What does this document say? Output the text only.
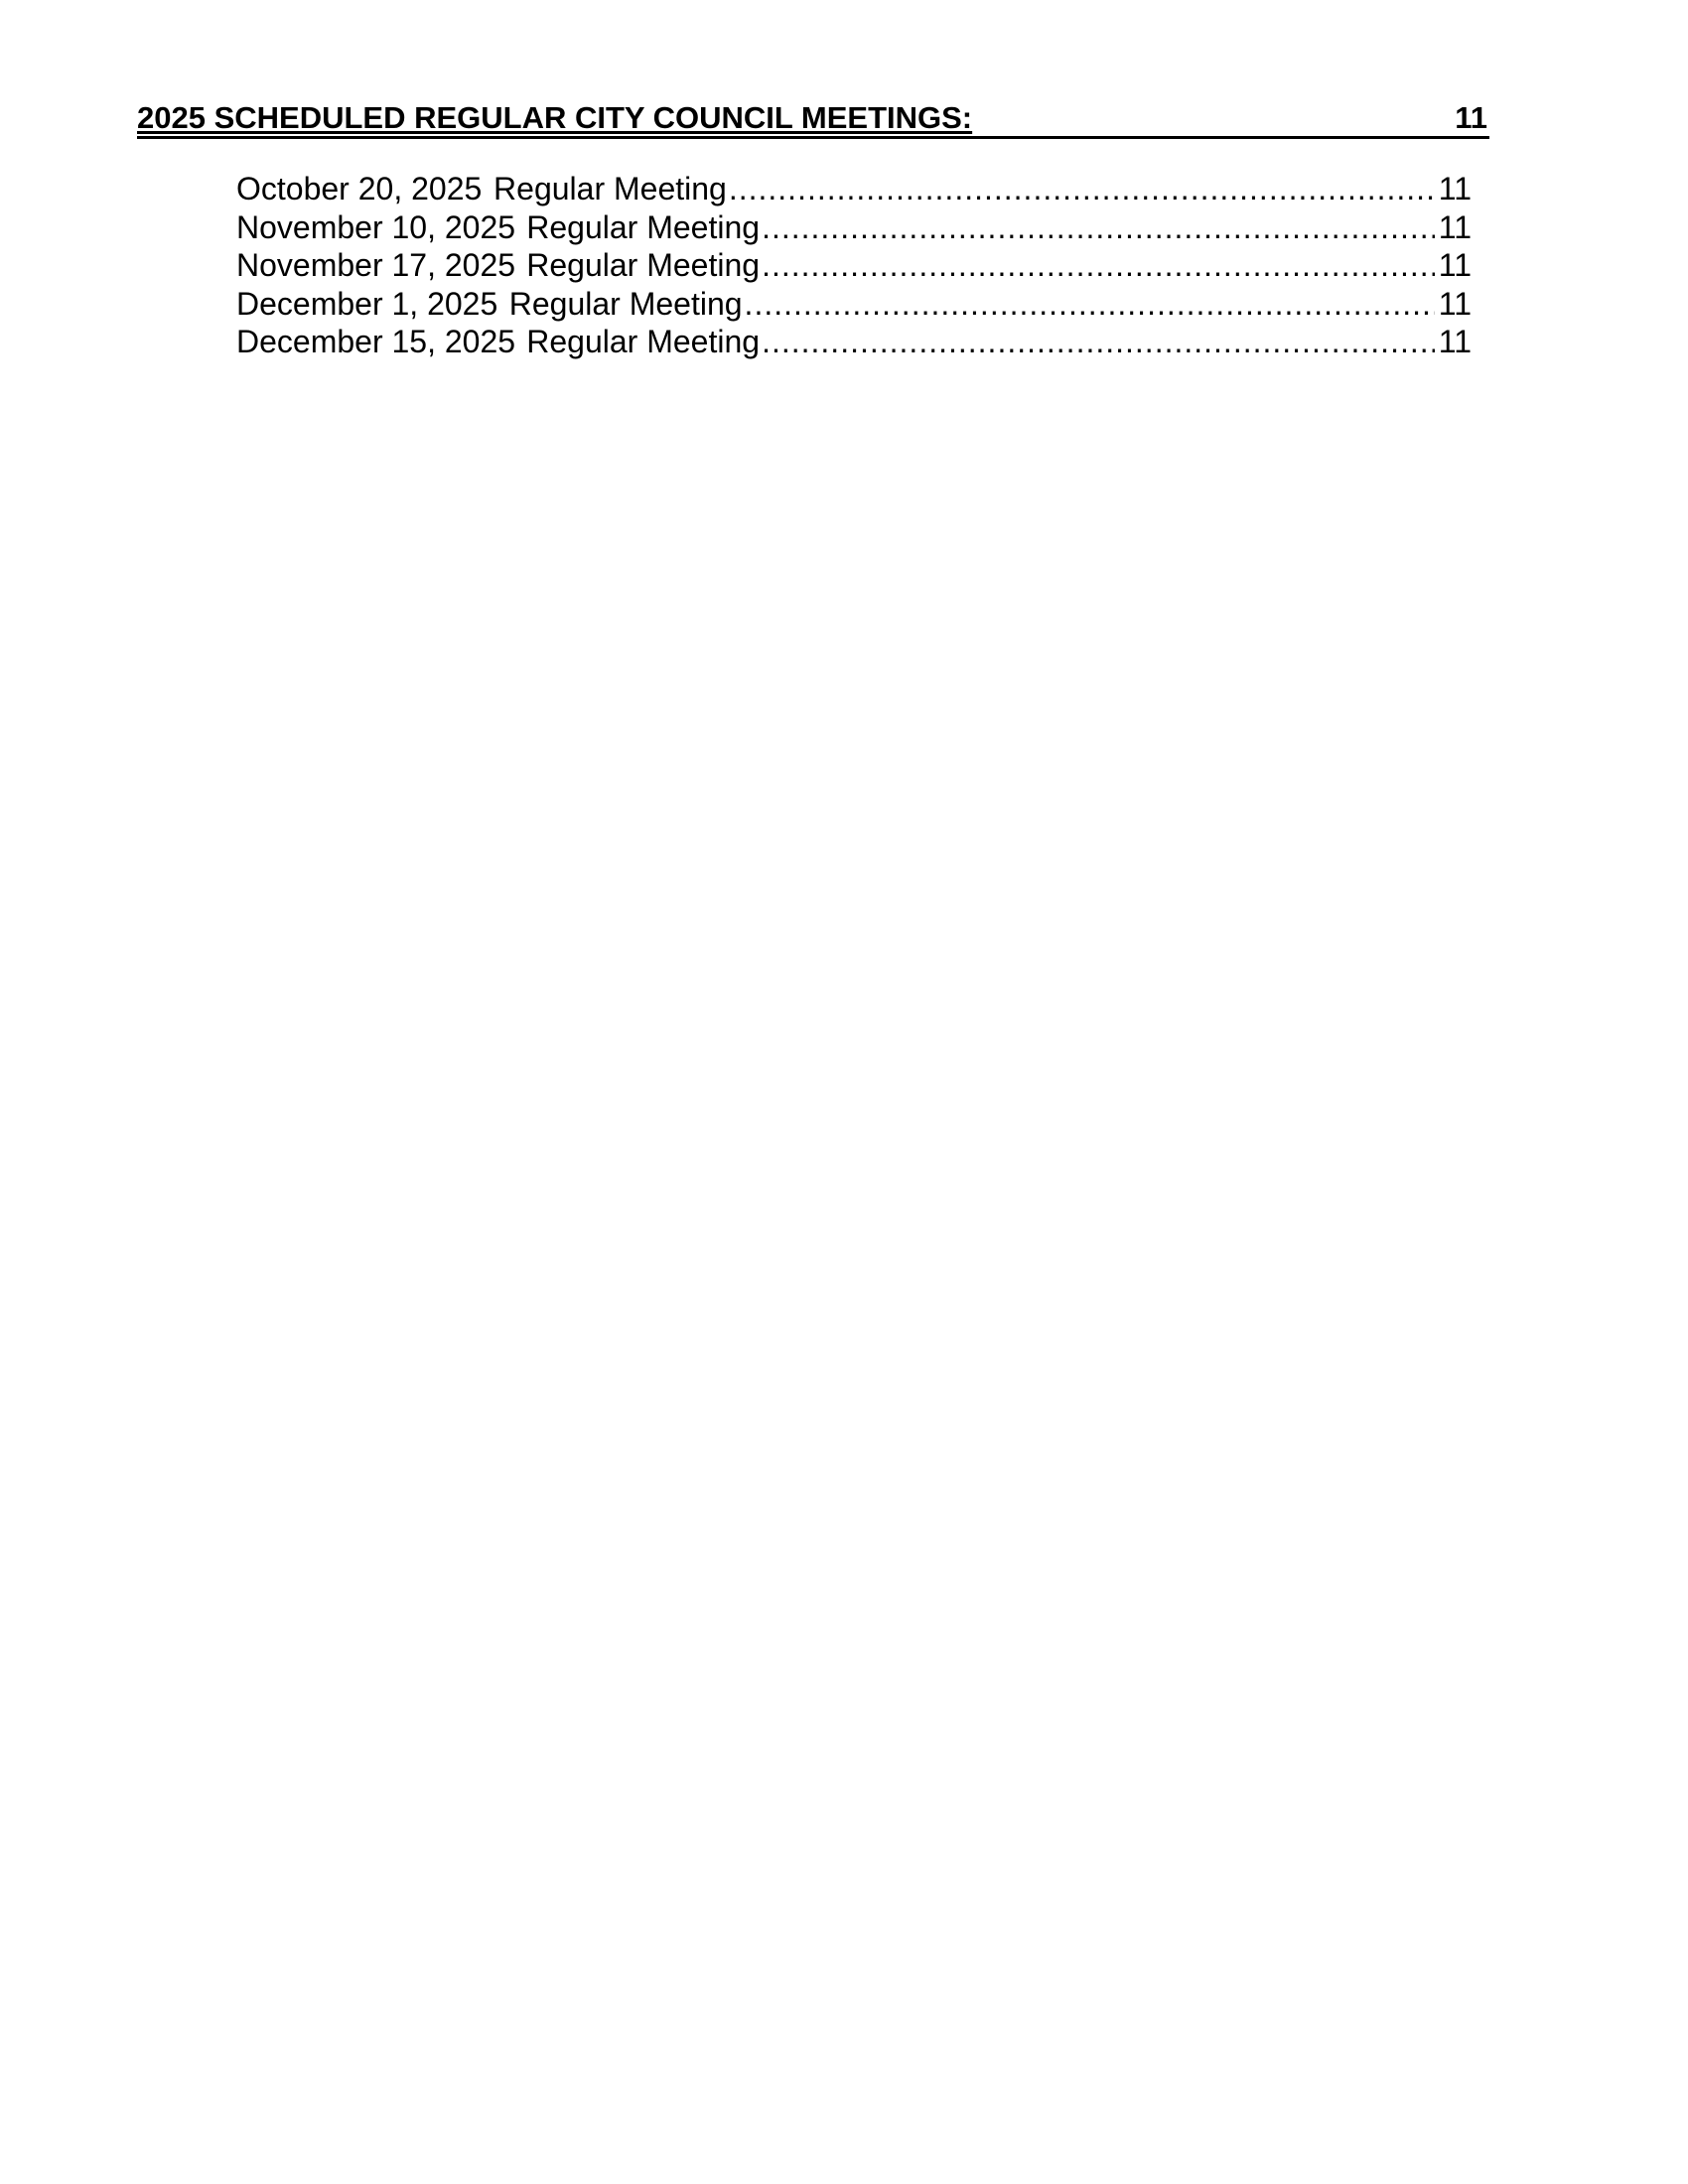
2025 SCHEDULED REGULAR CITY COUNCIL MEETINGS:	11
October 20, 2025 Regular Meeting .....	11
November 10, 2025 Regular Meeting .....	11
November 17, 2025 Regular Meeting .....	11
December 1, 2025 Regular Meeting .....	11
December 15, 2025 Regular Meeting .....	11
